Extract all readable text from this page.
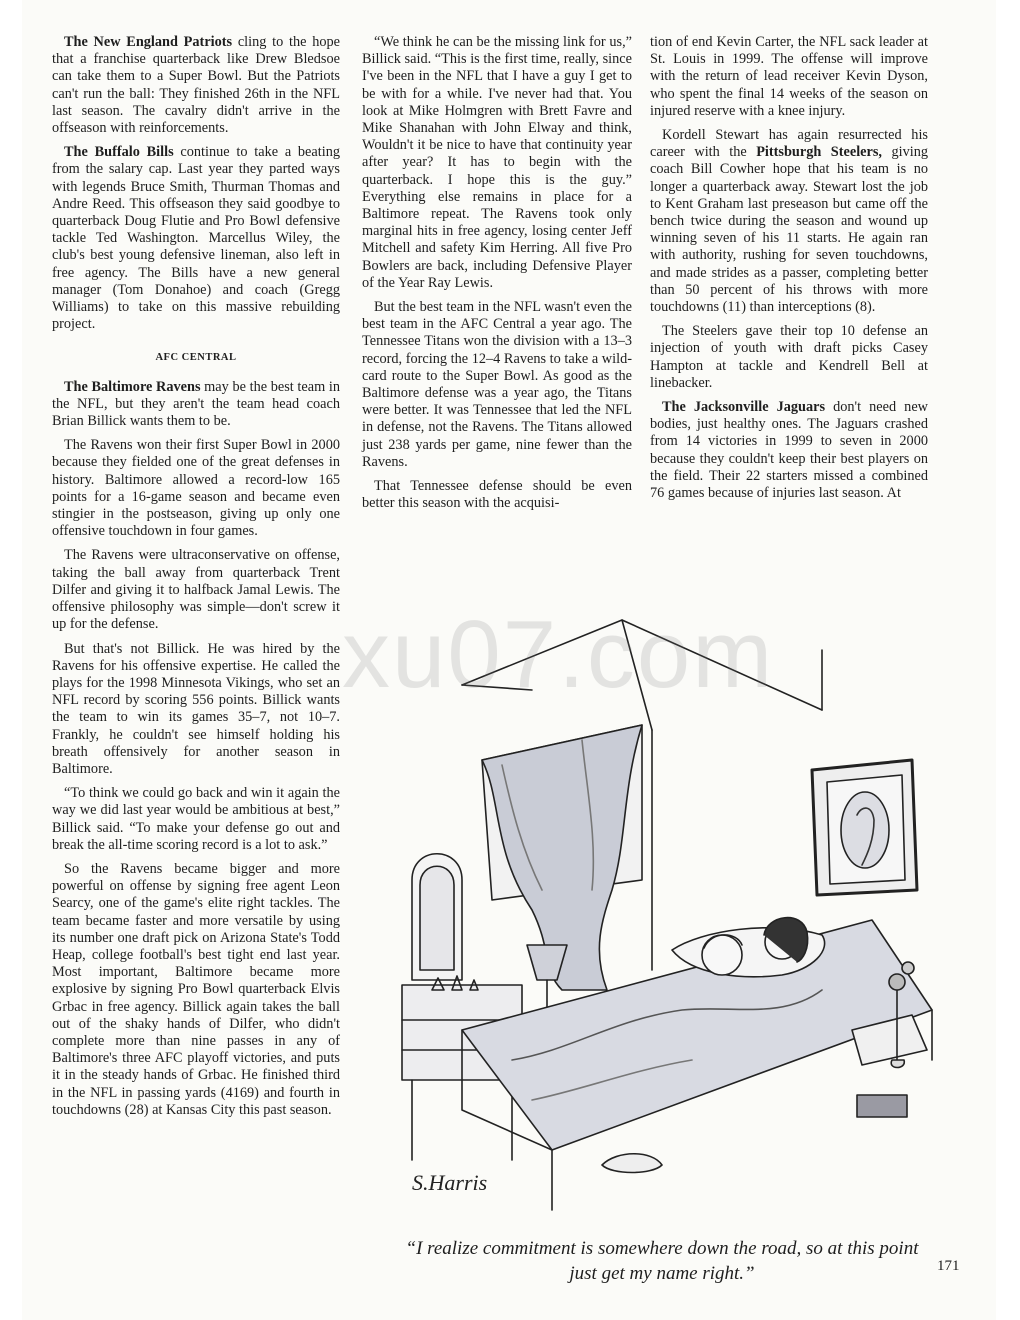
The New England Patriots cling to the hope that a franchise quarterback like Drew Bledsoe can take them to a Super Bowl. But the Patriots can't run the ball: They finished 26th in the NFL last season. The cavalry didn't arrive in the offseason with reinforcements.

The Buffalo Bills continue to take a beating from the salary cap. Last year they parted ways with legends Bruce Smith, Thurman Thomas and Andre Reed. This offseason they said goodbye to quarterback Doug Flutie and Pro Bowl defensive tackle Ted Washington. Marcellus Wiley, the club's best young defensive lineman, also left in free agency. The Bills have a new general manager (Tom Donahoe) and coach (Gregg Williams) to take on this massive rebuilding project.

AFC CENTRAL

The Baltimore Ravens may be the best team in the NFL, but they aren't the team head coach Brian Billick wants them to be.

The Ravens won their first Super Bowl in 2000 because they fielded one of the great defenses in history. Baltimore allowed a record-low 165 points for a 16-game season and became even stingier in the postseason, giving up only one offensive touchdown in four games.

The Ravens were ultraconservative on offense, taking the ball away from quarterback Trent Dilfer and giving it to halfback Jamal Lewis. The offensive philosophy was simple—don't screw it up for the defense.

But that's not Billick. He was hired by the Ravens for his offensive expertise. He called the plays for the 1998 Minnesota Vikings, who set an NFL record by scoring 556 points. Billick wants the team to win its games 35–7, not 10–7. Frankly, he couldn't see himself holding his breath offensively for another season in Baltimore.

“To think we could go back and win it again the way we did last year would be ambitious at best,” Billick said. “To make your defense go out and break the all-time scoring record is a lot to ask.”

So the Ravens became bigger and more powerful on offense by signing free agent Leon Searcy, one of the game's elite right tackles. The team became faster and more versatile by using its number one draft pick on Arizona State's Todd Heap, college football's best tight end last year. Most important, Baltimore became more explosive by signing Pro Bowl quarterback Elvis Grbac in free agency. Billick again takes the ball out of the shaky hands of Dilfer, who didn't complete more than nine passes in any of Baltimore's three AFC playoff victories, and puts it in the steady hands of Grbac. He finished third in the NFL in passing yards (4169) and fourth in touchdowns (28) at Kansas City this past season.

“We think he can be the missing link for us,” Billick said. “This is the first time, really, since I've been in the NFL that I have a guy I get to be with for a while. I've never had that. You look at Mike Holmgren with Brett Favre and Mike Shanahan with John Elway and think, Wouldn't it be nice to have that continuity year after year? It has to begin with the quarterback. I hope this is the guy.” Everything else remains in place for a Baltimore repeat. The Ravens took only marginal hits in free agency, losing center Jeff Mitchell and safety Kim Herring. All five Pro Bowlers are back, including Defensive Player of the Year Ray Lewis.

But the best team in the NFL wasn't even the best team in the AFC Central a year ago. The Tennessee Titans won the division with a 13–3 record, forcing the 12–4 Ravens to take a wild-card route to the Super Bowl. As good as the Baltimore defense was a year ago, the Titans were better. It was Tennessee that led the NFL in defense, not the Ravens. The Titans allowed just 238 yards per game, nine fewer than the Ravens.

That Tennessee defense should be even better this season with the acquisi-

tion of end Kevin Carter, the NFL sack leader at St. Louis in 1999. The offense will improve with the return of lead receiver Kevin Dyson, who spent the final 14 weeks of the season on injured reserve with a knee injury.

Kordell Stewart has again resurrected his career with the Pittsburgh Steelers, giving coach Bill Cowher hope that his team is no longer a quarterback away. Stewart lost the job to Kent Graham last preseason but came off the bench twice during the season and wound up winning seven of his 11 starts. He again ran with authority, rushing for seven touchdowns, and made strides as a passer, completing better than 50 percent of his throws with more touchdowns (11) than interceptions (8).

The Steelers gave their top 10 defense an injection of youth with draft picks Casey Hampton at tackle and Kendrell Bell at linebacker.

The Jacksonville Jaguars don't need new bodies, just healthy ones. The Jaguars crashed from 14 victories in 1999 to seven in 2000 because they couldn't keep their best players on the field. Their 22 starters missed a combined 76 games because of injuries last season. At

S.Harris
xu07.com
“I realize commitment is somewhere down the road, so at this point just get my name right.”	171
